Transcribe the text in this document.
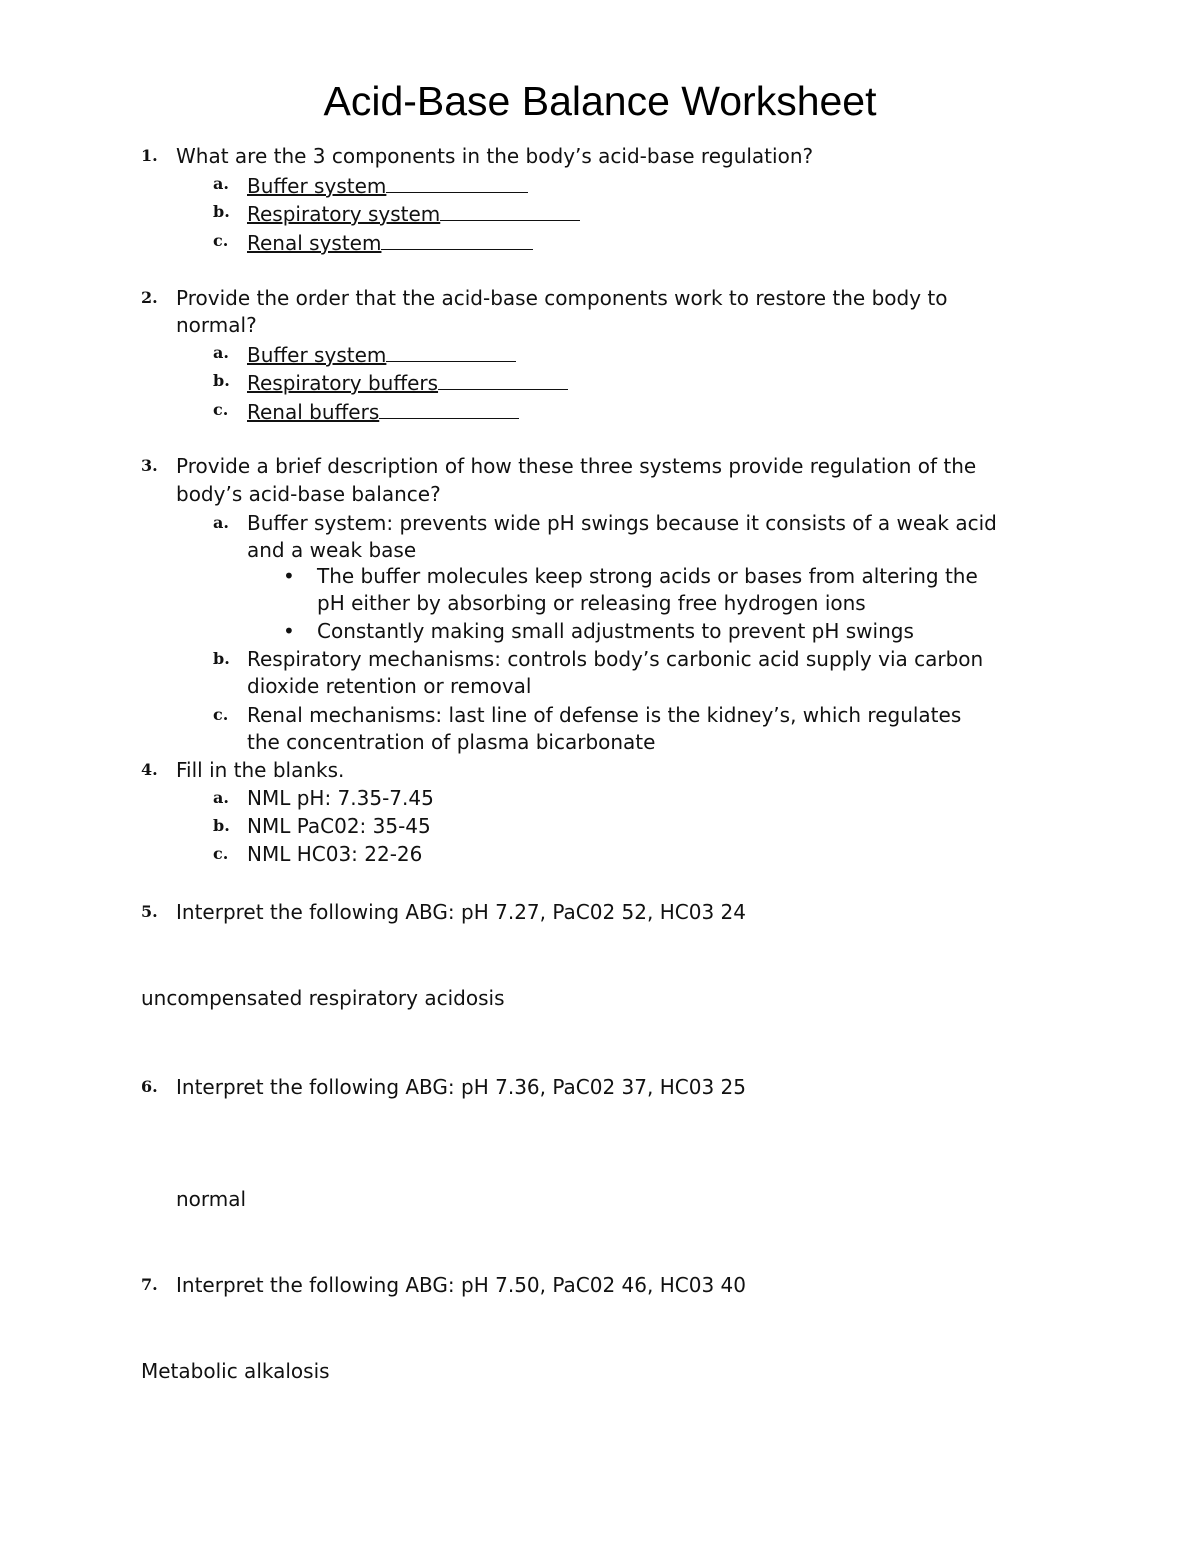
Acid-Base Balance Worksheet
1. What are the 3 components in the body’s acid-base regulation?
a. Buffer system
b. Respiratory system
c. Renal system
2. Provide the order that the acid-base components work to restore the body to
normal?
a. Buffer system
b. Respiratory buffers
c. Renal buffers
3. Provide a brief description of how these three systems provide regulation of the
body’s acid-base balance?
a. Buffer system: prevents wide pH swings because it consists of a weak acid
and a weak base
• The buffer molecules keep strong acids or bases from altering the
pH either by absorbing or releasing free hydrogen ions
• Constantly making small adjustments to prevent pH swings
b. Respiratory mechanisms: controls body’s carbonic acid supply via carbon
dioxide retention or removal
c. Renal mechanisms: last line of defense is the kidney’s, which regulates
the concentration of plasma bicarbonate
4. Fill in the blanks.
a. NML pH: 7.35-7.45
b. NML PaC02: 35-45
c. NML HC03: 22-26
5. Interpret the following ABG: pH 7.27, PaC02 52, HC03 24
uncompensated respiratory acidosis
6. Interpret the following ABG: pH 7.36, PaC02 37, HC03 25
normal
7. Interpret the following ABG: pH 7.50, PaC02 46, HC03 40
Metabolic alkalosis
